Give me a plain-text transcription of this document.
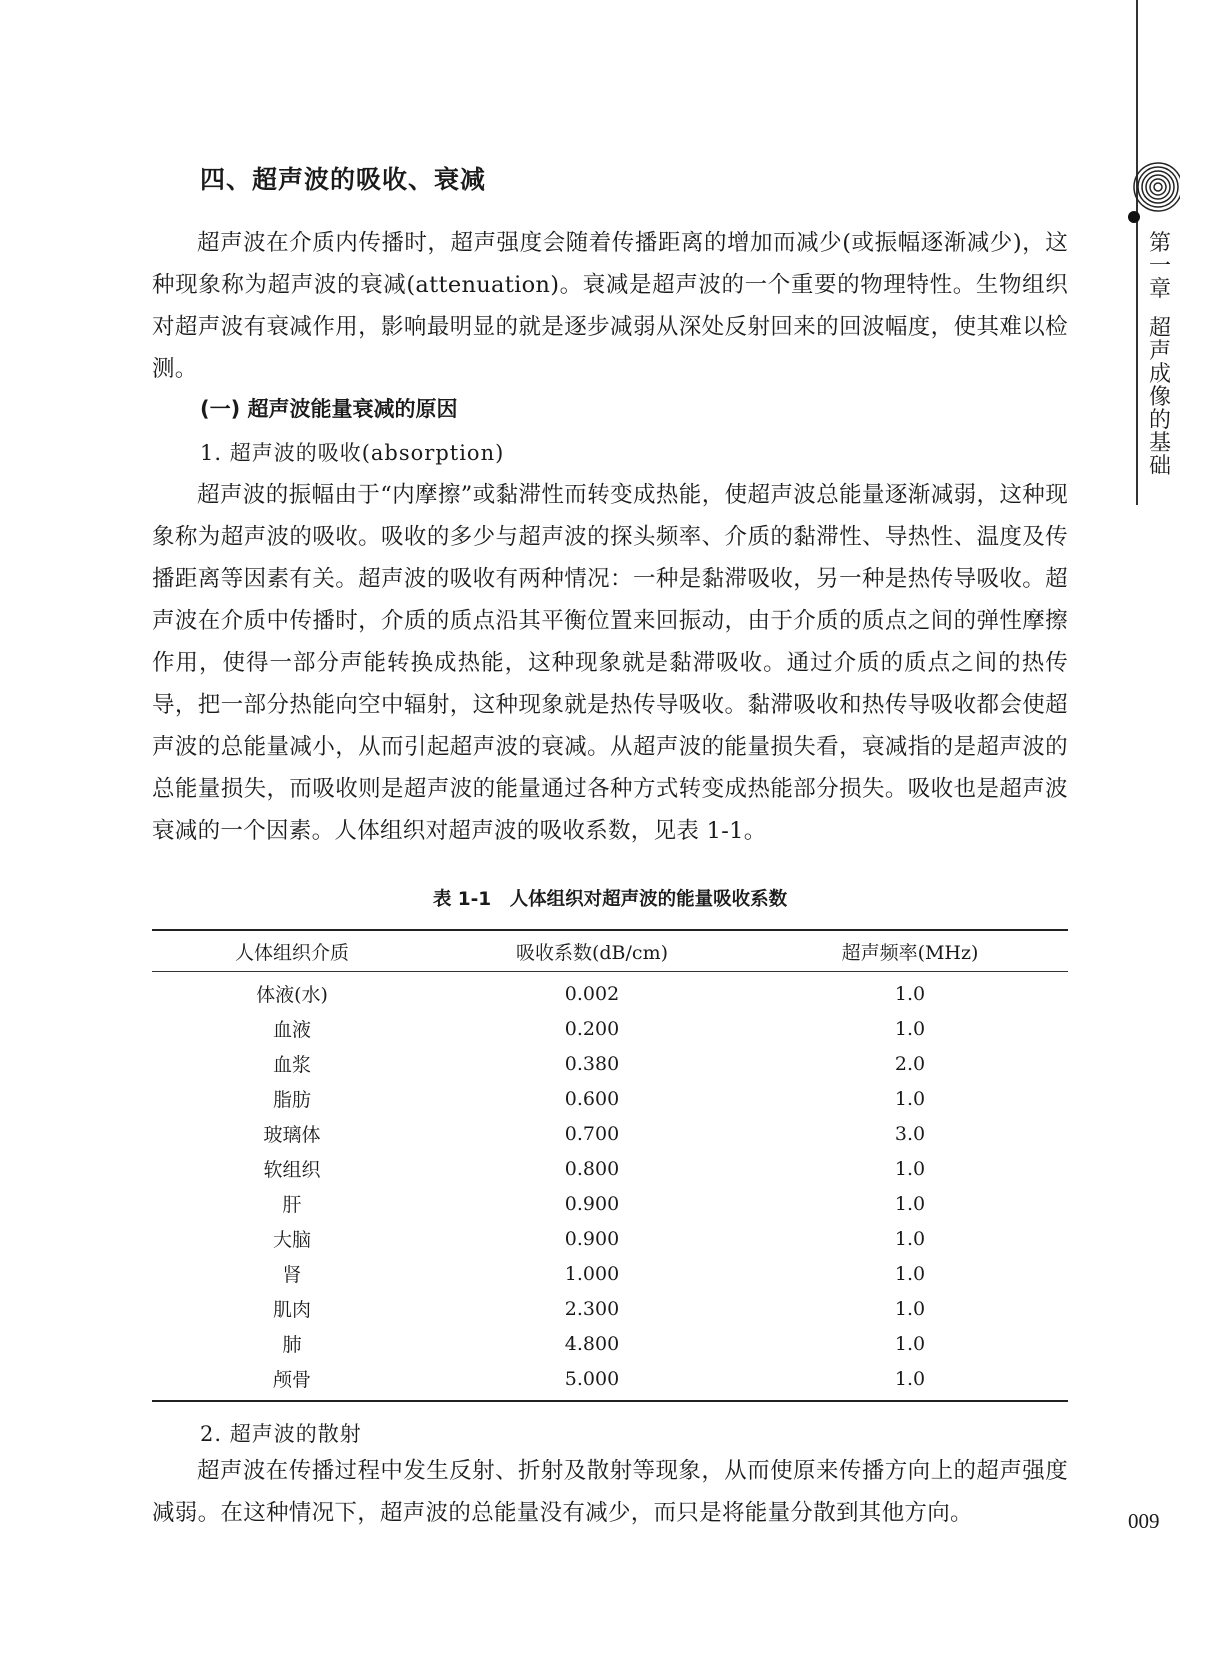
四、超声波的吸收、衰减

超声波在介质内传播时，超声强度会随着传播距离的增加而减少(或振幅逐渐减少)，这种现象称为超声波的衰减(attenuation)。衰减是超声波的一个重要的物理特性。生物组织对超声波有衰减作用，影响最明显的就是逐步减弱从深处反射回来的回波幅度，使其难以检测。

(一) 超声波能量衰减的原因

1. 超声波的吸收(absorption)

超声波的振幅由于“内摩擦”或黏滞性而转变成热能，使超声波总能量逐渐减弱，这种现象称为超声波的吸收。吸收的多少与超声波的探头频率、介质的黏滞性、导热性、温度及传播距离等因素有关。超声波的吸收有两种情况：一种是黏滞吸收，另一种是热传导吸收。超声波在介质中传播时，介质的质点沿其平衡位置来回振动，由于介质的质点之间的弹性摩擦作用，使得一部分声能转换成热能，这种现象就是黏滞吸收。通过介质的质点之间的热传导，把一部分热能向空中辐射，这种现象就是热传导吸收。黏滞吸收和热传导吸收都会使超声波的总能量减小，从而引起超声波的衰减。从超声波的能量损失看，衰减指的是超声波的总能量损失，而吸收则是超声波的能量通过各种方式转变成热能部分损失。吸收也是超声波衰减的一个因素。人体组织对超声波的吸收系数，见表 1-1。

表 1-1　人体组织对超声波的能量吸收系数

人体组织介质	吸收系数(dB/cm)	超声频率(MHz)
体液(水)	0.002	1.0
血液	0.200	1.0
血浆	0.380	2.0
脂肪	0.600	1.0
玻璃体	0.700	3.0
软组织	0.800	1.0
肝	0.900	1.0
大脑	0.900	1.0
肾	1.000	1.0
肌肉	2.300	1.0
肺	4.800	1.0
颅骨	5.000	1.0

2. 超声波的散射

超声波在传播过程中发生反射、折射及散射等现象，从而使原来传播方向上的超声强度减弱。在这种情况下，超声波的总能量没有减少，而只是将能量分散到其他方向。	009
第
一
章
超
声
成
像
的
基
础
